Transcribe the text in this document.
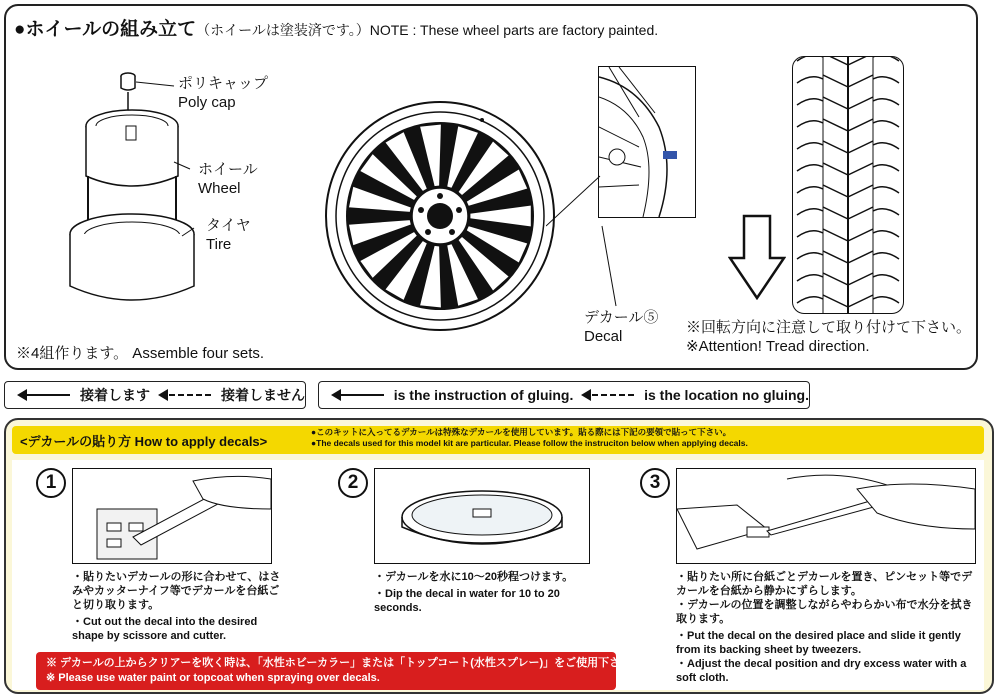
●ホイールの組み立て（ホイールは塗装済です。）NOTE : These wheel parts are factory painted.
ポリキャップ
Poly cap
ホイール
Wheel
タイヤ
Tire
※4組作ります。 Assemble four sets.
デカール⑤
Decal
※回転方向に注意して取り付けて下さい。
※Attention! Tread direction.
接着します	接着しません	is the instruction of gluing.	is the location no gluing.
<デカールの貼り方 How to apply decals>
●このキットに入ってるデカールは特殊なデカールを使用しています。貼る際には下記の要領で貼って下さい。
●The decals used for this model kit are particular. Please follow the instruciton below when applying decals.
1
・貼りたいデカールの形に合わせて、はさみやカッターナイフ等でデカールを台紙ごと切り取ります。
・Cut out the decal into the desired shape by scissore and cutter.
2
・デカールを水に10〜20秒程つけます。
・Dip the decal in water for 10 to 20 seconds.
3
・貼りたい所に台紙ごとデカールを置き、ピンセット等でデカールを台紙から静かにずらします。
・デカールの位置を調整しながらやわらかい布で水分を拭き取ります。
・Put the decal on the desired place and slide it gently from its backing sheet by tweezers.
・Adjust the decal position and dry excess water with a soft cloth.
※ デカールの上からクリアーを吹く時は、「水性ホビーカラー」または「トップコート(水性スプレー)」をご使用下さい。
※ Please use water paint or topcoat when spraying over decals.
